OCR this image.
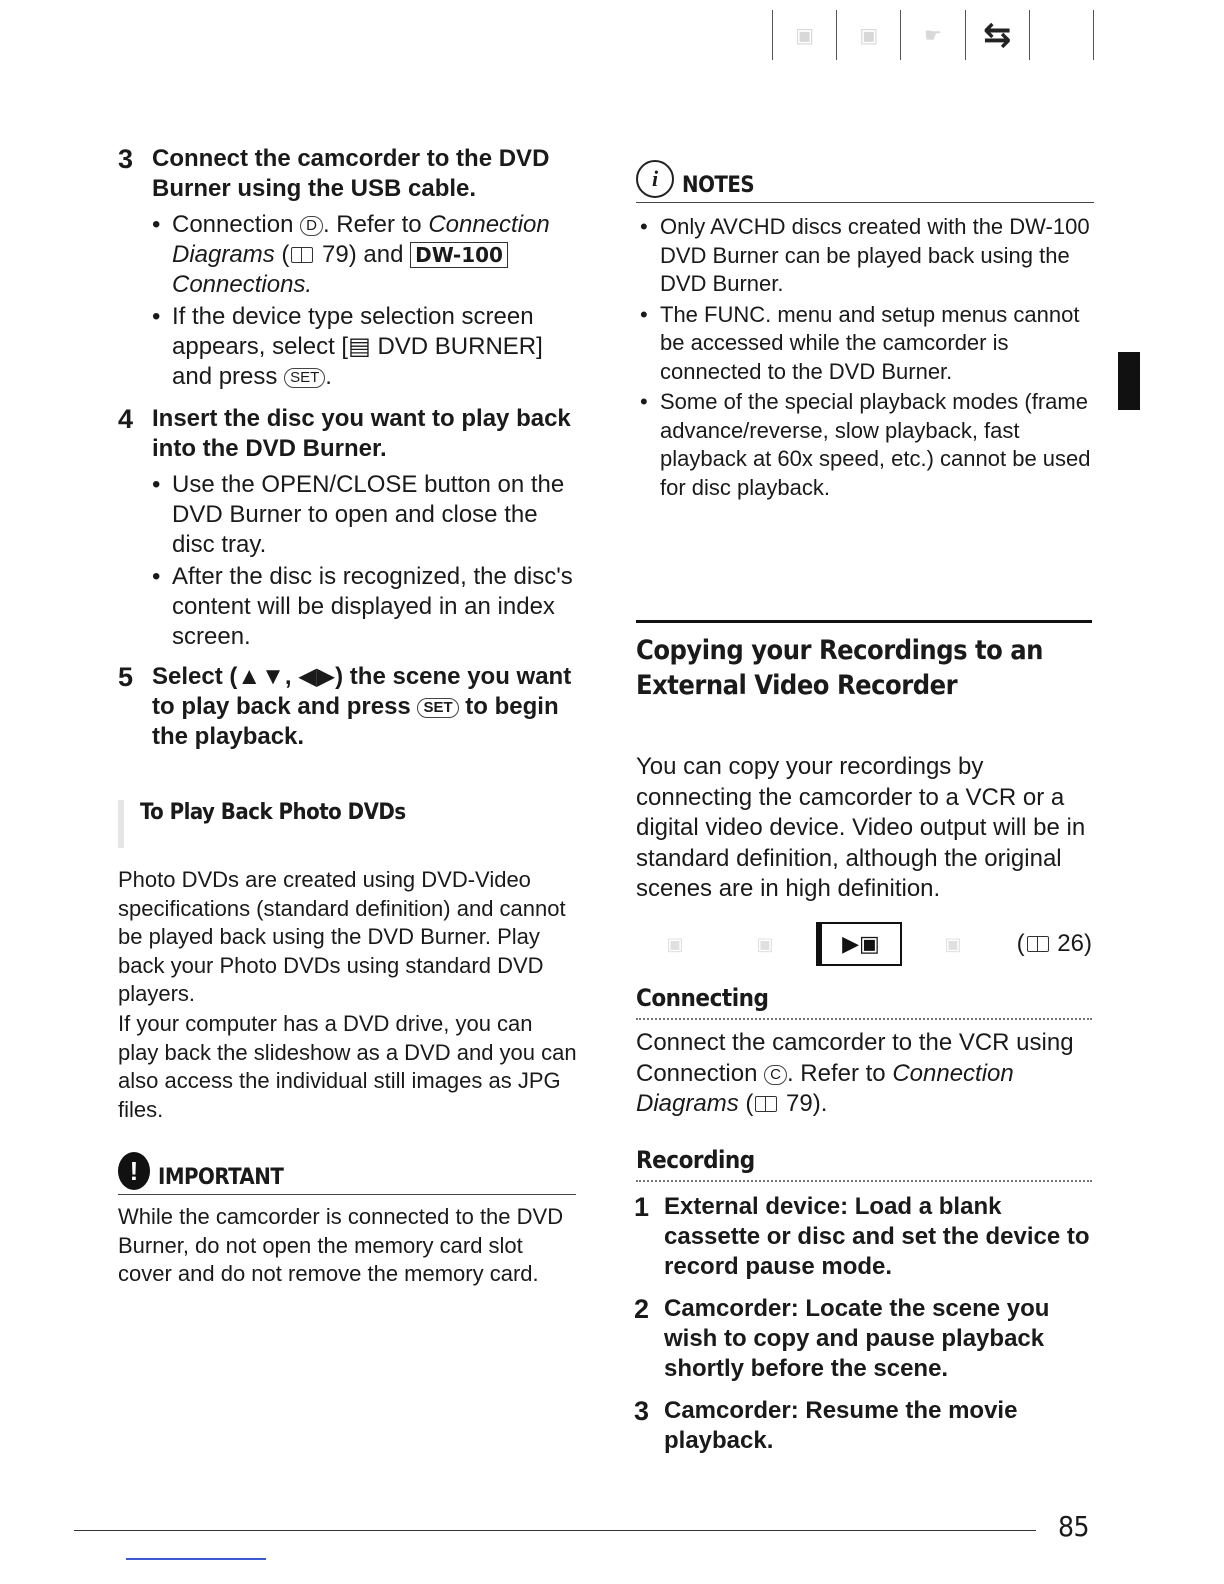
▣ ▣ ☛ ⇆
3 Connect the camcorder to the DVD Burner using the USB cable.
• Connection D . Refer to Connection Diagrams ( 79) and DW-100 Connections.
• If the device type selection screen appears, select [▤ DVD BURNER] and press SET .
4 Insert the disc you want to play back into the DVD Burner.
• Use the OPEN/CLOSE button on the DVD Burner to open and close the disc tray.
• After the disc is recognized, the disc's content will be displayed in an index screen.
5 Select (▲▼, ◀▶) the scene you want to play back and press SET to begin the playback.
To Play Back Photo DVDs
Photo DVDs are created using DVD-Video specifications (standard definition) and cannot be played back using the DVD Burner. Play back your Photo DVDs using standard DVD players.
If your computer has a DVD drive, you can play back the slideshow as a DVD and you can also access the individual still images as JPG files.
! IMPORTANT
While the camcorder is connected to the DVD Burner, do not open the memory card slot cover and do not remove the memory card.
i	NOTES
• Only AVCHD discs created with the DW-100 DVD Burner can be played back using the DVD Burner.
• The FUNC. menu and setup menus cannot be accessed while the camcorder is connected to the DVD Burner.
• Some of the special playback modes (frame advance/reverse, slow playback, fast playback at 60x speed, etc.) cannot be used for disc playback.
Copying your Recordings to an External Video Recorder
You can copy your recordings by connecting the camcorder to a VCR or a digital video device. Video output will be in standard definition, although the original scenes are in high definition.
▣	▣	▶▣	▣	( 26)
Connecting
Connect the camcorder to the VCR using Connection C . Refer to Connection Diagrams ( 79).
Recording
1 External device: Load a blank cassette or disc and set the device to record pause mode.
2 Camcorder: Locate the scene you wish to copy and pause playback shortly before the scene.
3 Camcorder: Resume the movie playback.
85
